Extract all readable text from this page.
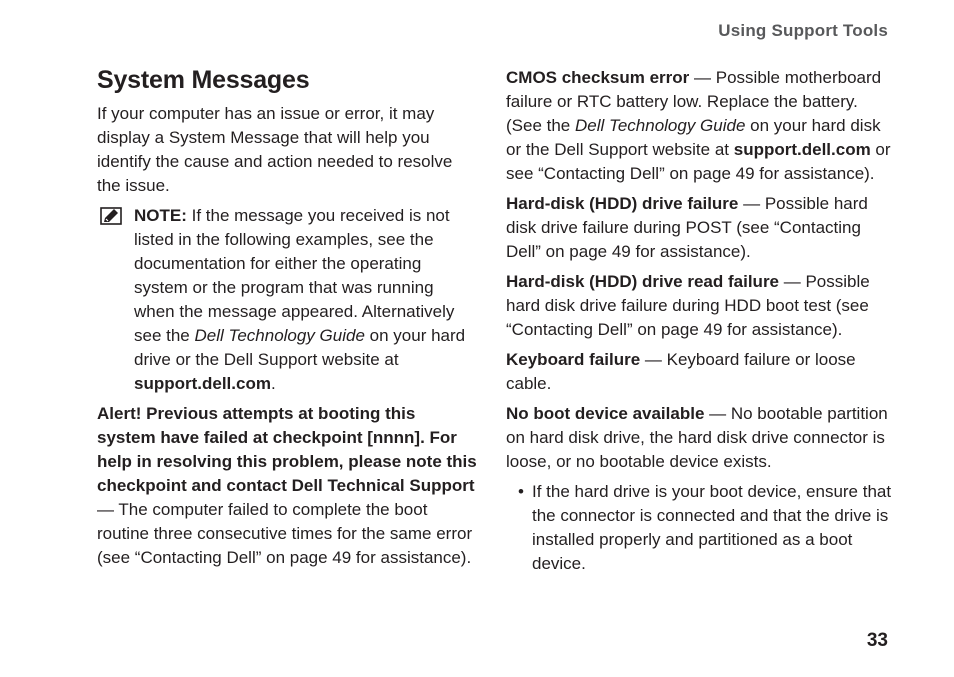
Using Support Tools
System Messages

If your computer has an issue or error, it may display a System Message that will help you identify the cause and action needed to resolve the issue.

NOTE: If the message you received is not listed in the following examples, see the documentation for either the operating system or the program that was running when the message appeared. Alternatively see the Dell Technology Guide on your hard drive or the Dell Support website at support.dell.com.

Alert! Previous attempts at booting this system have failed at checkpoint [nnnn]. For help in resolving this problem, please note this checkpoint and contact Dell Technical Support — The computer failed to complete the boot routine three consecutive times for the same error (see “Contacting Dell” on page 49 for assistance).

CMOS checksum error — Possible motherboard failure or RTC battery low. Replace the battery. (See the Dell Technology Guide on your hard disk or the Dell Support website at support.dell.com or see “Contacting Dell” on page 49 for assistance).

Hard-disk (HDD) drive failure — Possible hard disk drive failure during POST (see “Contacting Dell” on page 49 for assistance).

Hard-disk (HDD) drive read failure — Possible hard disk drive failure during HDD boot test (see “Contacting Dell” on page 49 for assistance).

Keyboard failure — Keyboard failure or loose cable.

No boot device available — No bootable partition on hard disk drive, the hard disk drive connector is loose, or no bootable device exists.

• If the hard drive is your boot device, ensure that the connector is connected and that the drive is installed properly and partitioned as a boot device.

33
